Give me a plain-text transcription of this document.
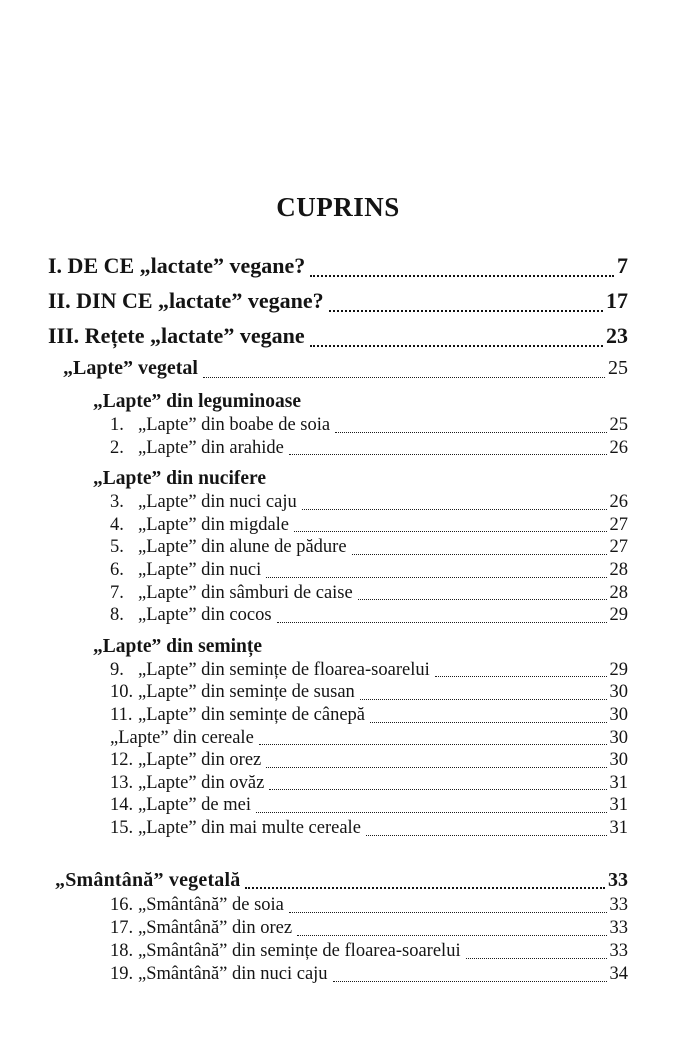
CUPRINS
I. DE CE „lactate” vegane?	7
II. DIN CE „lactate” vegane?	17
III. Rețete „lactate” vegane	23
„Lapte” vegetal	25
„Lapte” din leguminoase
1. „Lapte” din boabe de soia	25
2. „Lapte” din arahide	26
„Lapte” din nucifere
3. „Lapte” din nuci caju	26
4. „Lapte” din migdale	27
5. „Lapte” din alune de pădure	27
6. „Lapte” din nuci	28
7. „Lapte” din sâmburi de caise	28
8. „Lapte” din cocos	29
„Lapte” din semințe
9. „Lapte” din semințe de floarea-soarelui	29
10. „Lapte” din semințe de susan	30
11. „Lapte” din semințe de cânepă	30
„Lapte” din cereale	30
12. „Lapte” din orez	30
13. „Lapte” din ovăz	31
14. „Lapte” de mei	31
15. „Lapte” din mai multe cereale	31
„Smântână” vegetală	33
16. „Smântână” de soia	33
17. „Smântână” din orez	33
18. „Smântână” din semințe de floarea-soarelui	33
19. „Smântână” din nuci caju	34
